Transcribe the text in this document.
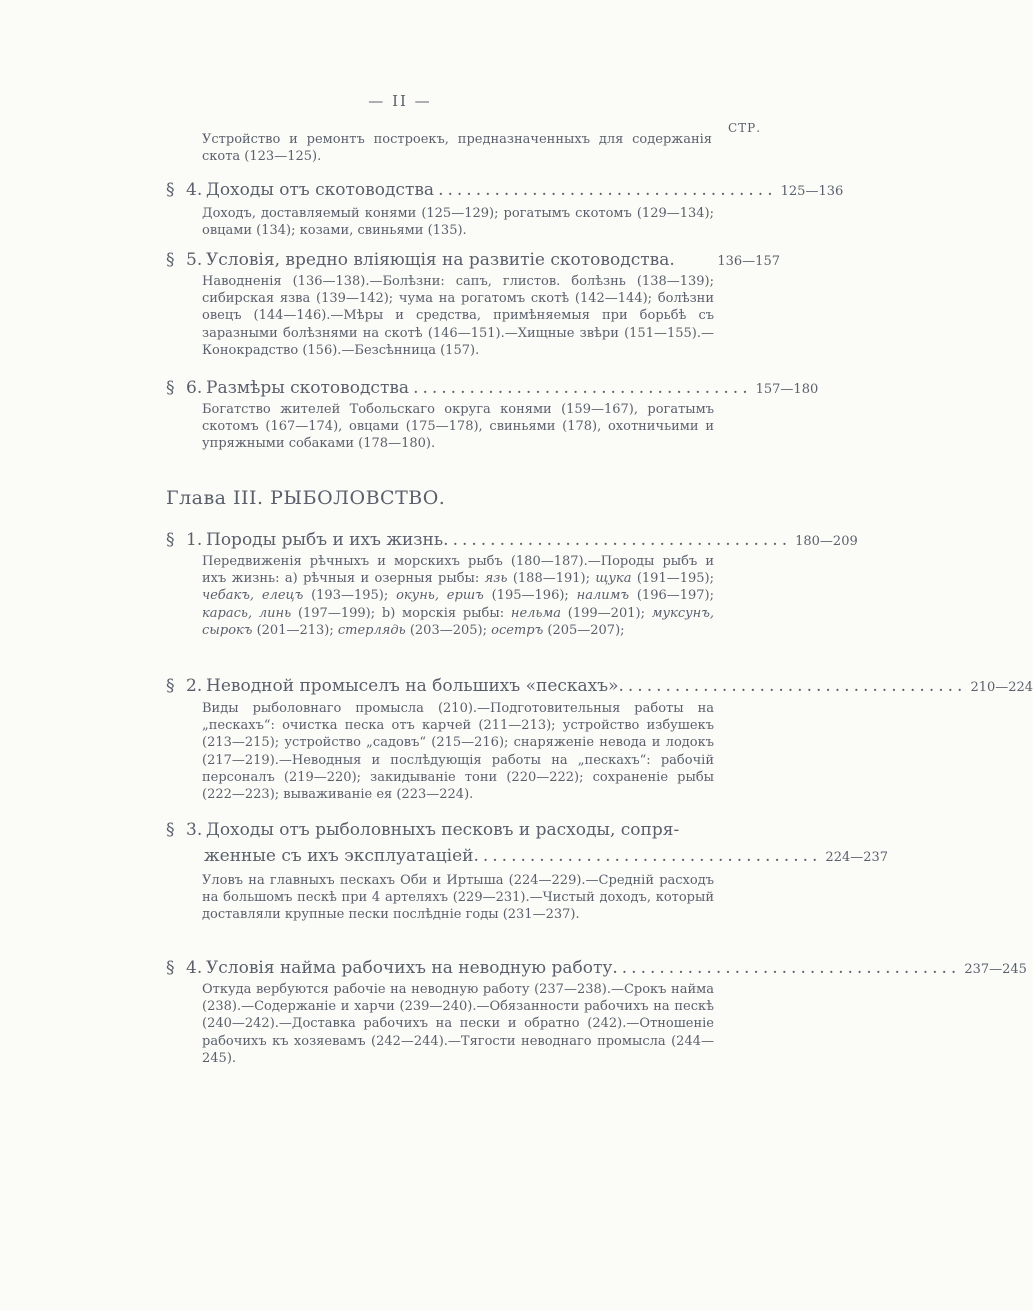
— II —
СТР.
Устройство и ремонтъ построекъ, предназначенныхъ для содержанія скота (123—125).
§ 4. Доходы отъ скотоводства .................................... 125—136
Доходъ, доставляемый конями (125—129); рогатымъ скотомъ (129—134); овцами (134); козами, свиньями (135).
§ 5. Условія, вредно вліяющія на развитіе скотоводства.	136—157
Наводненія (136—138).—Болѣзни: сапъ, глистов. болѣзнь (138—139); сибирская язва (139—142); чума на рогатомъ скотѣ (142—144); болѣзни овецъ (144—146).—Мѣры и средства, примѣняемыя при борьбѣ съ заразными болѣзнями на скотѣ (146—151).—Хищные звѣри (151—155).—Конокрадство (156).—Безсѣнница (157).
§ 6. Размѣры скотоводства .................................... 157—180
Богатство жителей Тобольскаго округа конями (159—167), рогатымъ скотомъ (167—174), овцами (175—178), свиньями (178), охотничьими и упряжными собаками (178—180).
Глава III. РЫБОЛОВСТВО.
§ 1. Породы рыбъ и ихъ жизнь. .................................... 180—209
Передвиженія рѣчныхъ и морскихъ рыбъ (180—187).—Породы рыбъ и ихъ жизнь: а) рѣчныя и озерныя рыбы: язь (188—191); щука (191—195); чебакъ, елецъ (193—195); окунь, ершъ (195—196); налимъ (196—197); карась, линь (197—199); b) морскія рыбы: нельма (199—201); муксунъ, сырокъ (201—213); стерлядь (203—205); осетръ (205—207);
§ 2. Неводной промыселъ на большихъ «пескахъ». .................................... 210—224
Виды рыболовнаго промысла (210).—Подготовительныя работы на „пескахъ“: очистка песка отъ карчей (211—213); устройство избушекъ (213—215); устройство „садовъ“ (215—216); снаряженіе невода и лодокъ (217—219).—Неводныя и послѣдующія работы на „пескахъ“: рабочій персоналъ (219—220); закидываніе тони (220—222); сохраненіе рыбы (222—223); вываживаніе ея (223—224).
§ 3. Доходы отъ рыболовныхъ песковъ и расходы, сопря-
женные съ ихъ эксплуатаціей. .................................... 224—237
Уловъ на главныхъ пескахъ Оби и Иртыша (224—229).—Средній расходъ на большомъ пескѣ при 4 артеляхъ (229—231).—Чистый доходъ, который доставляли крупные пески послѣдніе годы (231—237).
§ 4. Условія найма рабочихъ на неводную работу. .................................... 237—245
Откуда вербуются рабочіе на неводную работу (237—238).—Срокъ найма (238).—Содержаніе и харчи (239—240).—Обязанности рабочихъ на пескѣ (240—242).—Доставка рабочихъ на пески и обратно (242).—Отношеніе рабочихъ къ хозяевамъ (242—244).—Тягости неводнаго промысла (244—245).
